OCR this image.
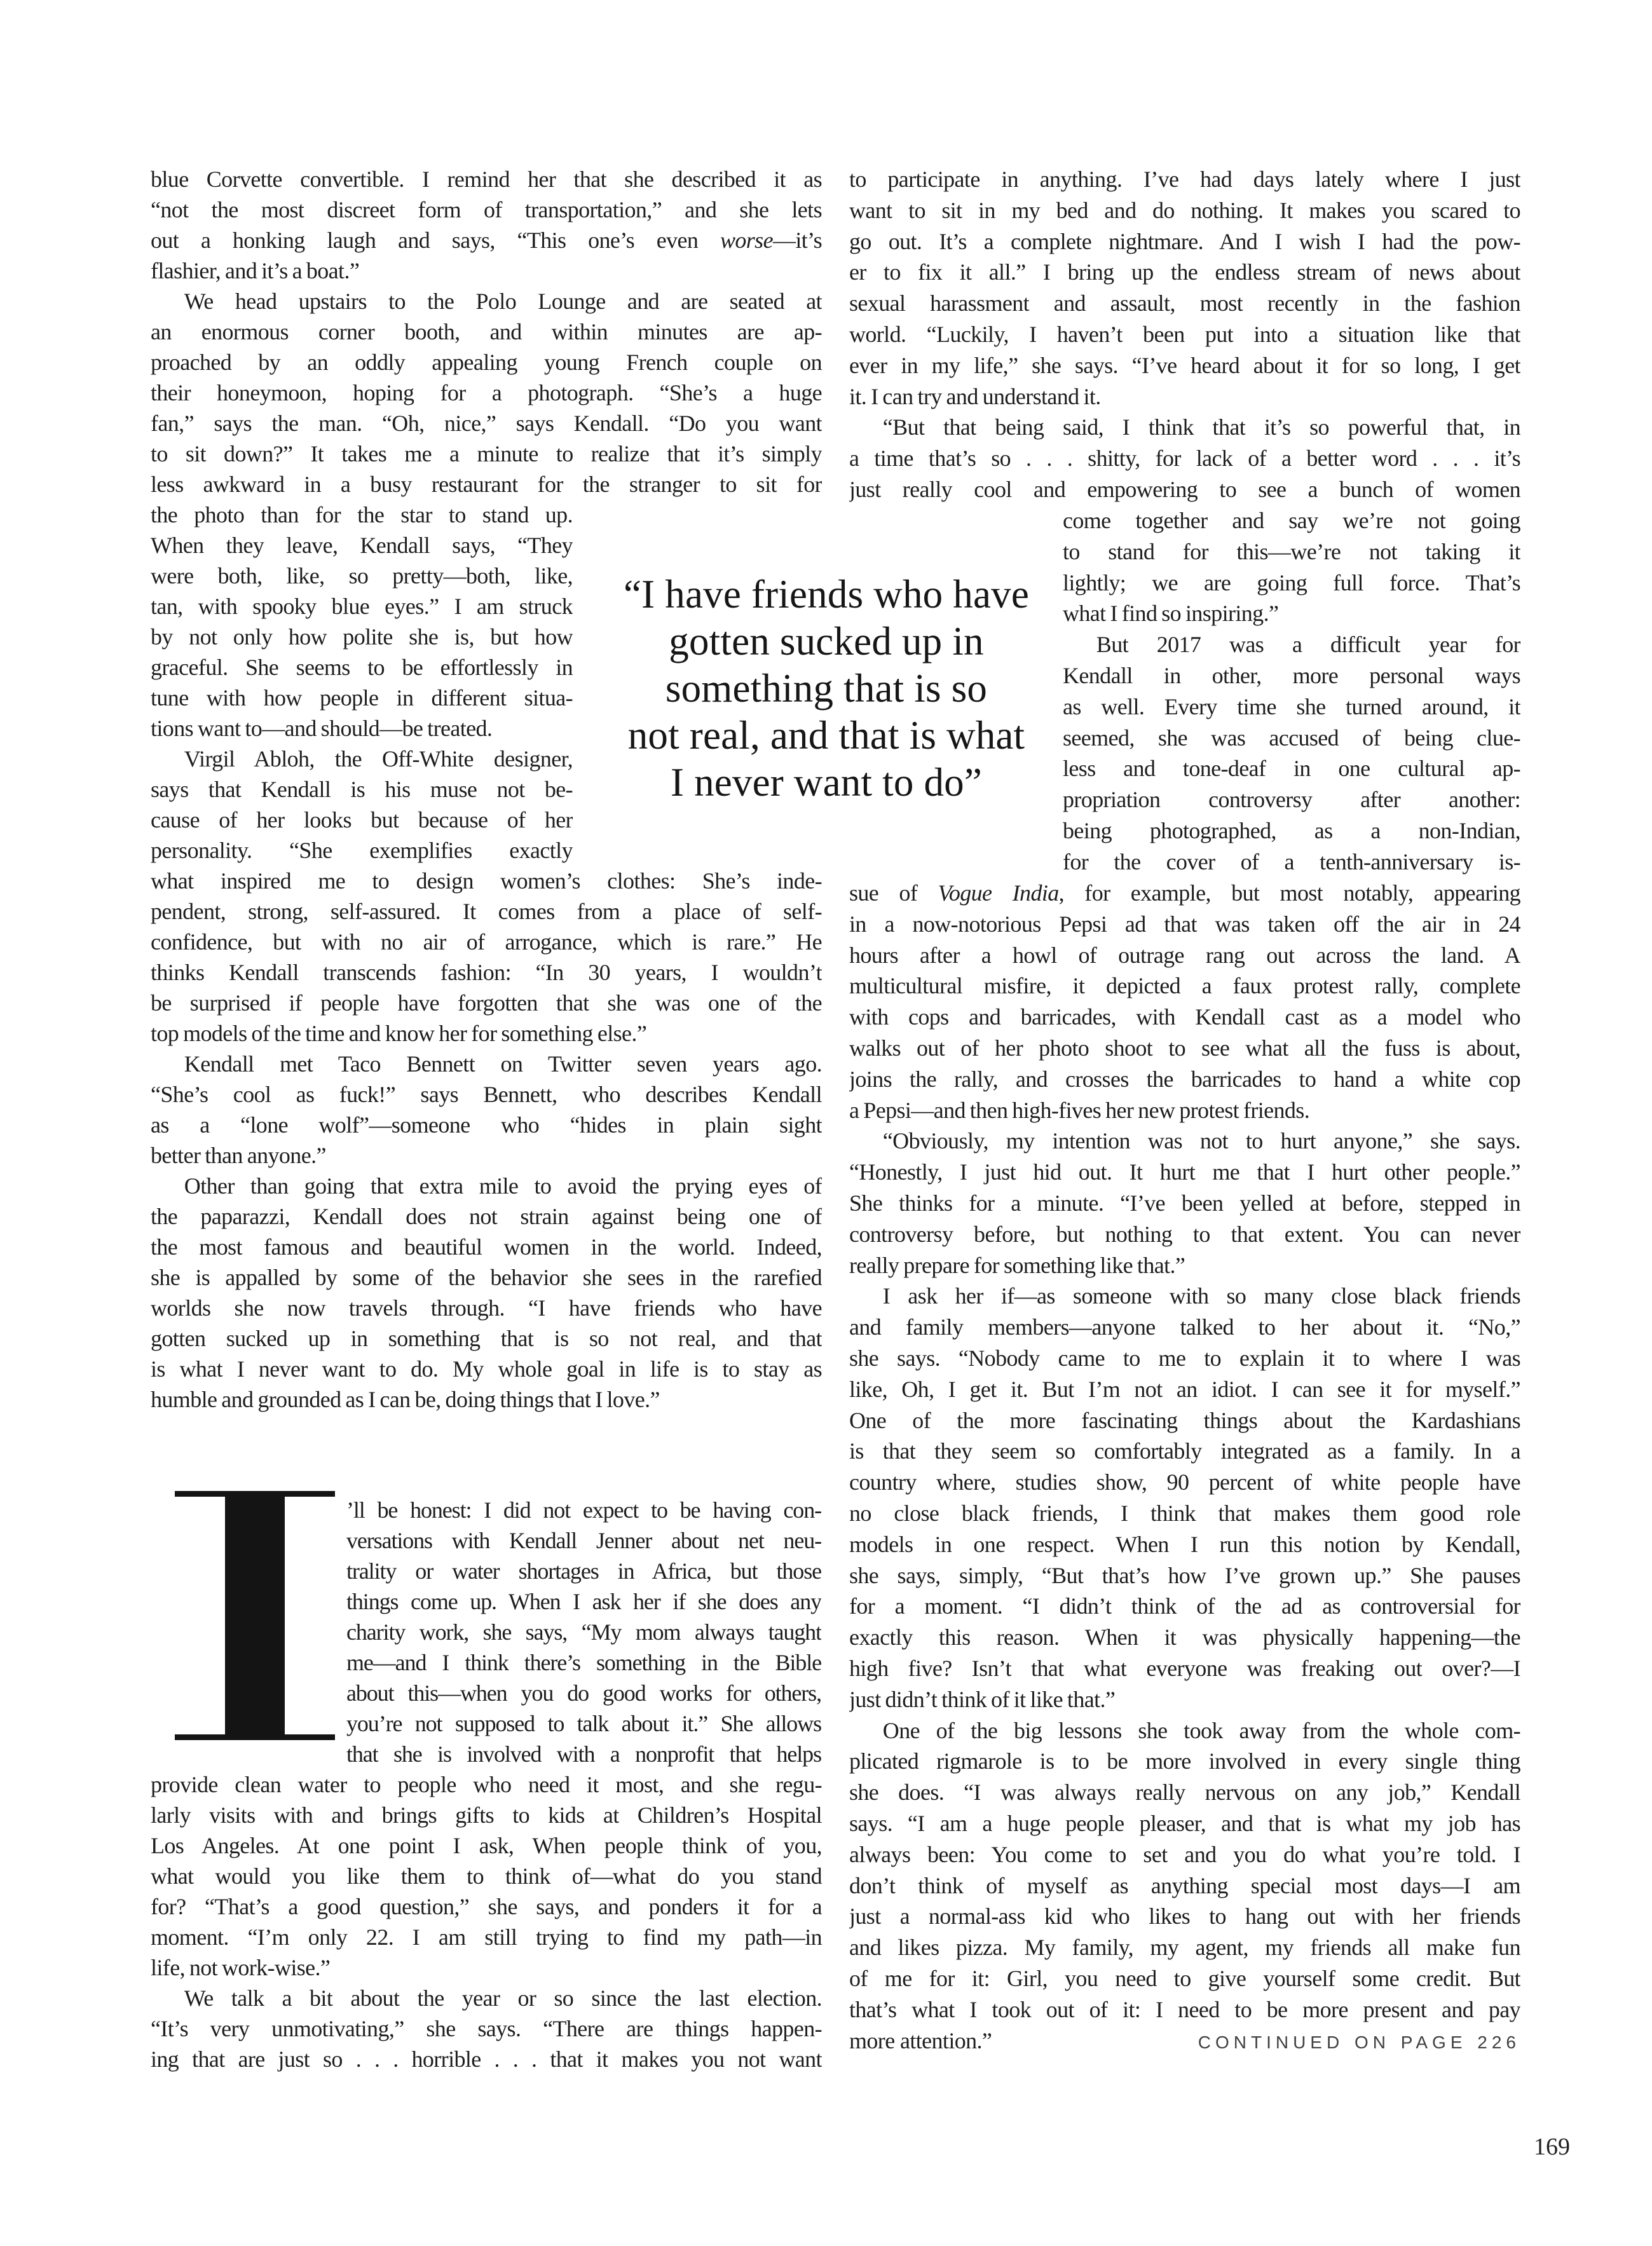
blue Corvette convertible. I remind her that she described it as
“not the most discreet form of transportation,” and she lets
out a honking laugh and says, “This one’s even worse—it’s
flashier, and it’s a boat.”
  We head upstairs to the Polo Lounge and are seated at
an enormous corner booth, and within minutes are ap-
proached by an oddly appealing young French couple on
their honeymoon, hoping for a photograph. “She’s a huge
fan,” says the man. “Oh, nice,” says Kendall. “Do you want
to sit down?” It takes me a minute to realize that it’s simply
less awkward in a busy restaurant for the stranger to sit for
the photo than for the star to stand up.
When they leave, Kendall says, “They
were both, like, so pretty—both, like,
tan, with spooky blue eyes.” I am struck
by not only how polite she is, but how
graceful. She seems to be effortlessly in
tune with how people in different situa-
tions want to—and should—be treated.
  Virgil Abloh, the Off-White designer,
says that Kendall is his muse not be-
cause of her looks but because of her
personality. “She exemplifies exactly
what inspired me to design women’s clothes: She’s inde-
pendent, strong, self-assured. It comes from a place of self-
confidence, but with no air of arrogance, which is rare.” He
thinks Kendall transcends fashion: “In 30 years, I wouldn’t
be surprised if people have forgotten that she was one of the
top models of the time and know her for something else.”
  Kendall met Taco Bennett on Twitter seven years ago.
“She’s cool as fuck!” says Bennett, who describes Kendall
as a “lone wolf”—someone who “hides in plain sight
better than anyone.”
  Other than going that extra mile to avoid the prying eyes of
the paparazzi, Kendall does not strain against being one of
the most famous and beautiful women in the world. Indeed,
she is appalled by some of the behavior she sees in the rarefied
worlds she now travels through. “I have friends who have
gotten sucked up in something that is so not real, and that
is what I never want to do. My whole goal in life is to stay as
humble and grounded as I can be, doing things that I love.”
’ll be honest: I did not expect to be having con-
versations with Kendall Jenner about net neu-
trality or water shortages in Africa, but those
things come up. When I ask her if she does any
charity work, she says, “My mom always taught
me—and I think there’s something in the Bible
about this—when you do good works for others,
you’re not supposed to talk about it.” She allows
that she is involved with a nonprofit that helps
provide clean water to people who need it most, and she regu-
larly visits with and brings gifts to kids at Children’s Hospital
Los Angeles. At one point I ask, When people think of you,
what would you like them to think of—what do you stand
for? “That’s a good question,” she says, and ponders it for a
moment. “I’m only 22. I am still trying to find my path—in
life, not work-wise.”
  We talk a bit about the year or so since the last election.
“It’s very unmotivating,” she says. “There are things happen-
ing that are just so . . . horrible . . . that it makes you not want
to participate in anything. I’ve had days lately where I just
want to sit in my bed and do nothing. It makes you scared to
go out. It’s a complete nightmare. And I wish I had the pow-
er to fix it all.” I bring up the endless stream of news about
sexual harassment and assault, most recently in the fashion
world. “Luckily, I haven’t been put into a situation like that
ever in my life,” she says. “I’ve heard about it for so long, I get
it. I can try and understand it.
  “But that being said, I think that it’s so powerful that, in
a time that’s so . . . shitty, for lack of a better word . . . it’s
just really cool and empowering to see a bunch of women
come together and say we’re not going
to stand for this—we’re not taking it
lightly; we are going full force. That’s
what I find so inspiring.”
  But 2017 was a difficult year for
Kendall in other, more personal ways
as well. Every time she turned around, it
seemed, she was accused of being clue-
less and tone-deaf in one cultural ap-
propriation controversy after another:
being photographed, as a non-Indian,
for the cover of a tenth-anniversary is-
sue of Vogue India, for example, but most notably, appearing
in a now-notorious Pepsi ad that was taken off the air in 24
hours after a howl of outrage rang out across the land. A
multicultural misfire, it depicted a faux protest rally, complete
with cops and barricades, with Kendall cast as a model who
walks out of her photo shoot to see what all the fuss is about,
joins the rally, and crosses the barricades to hand a white cop
a Pepsi—and then high-fives her new protest friends.
  “Obviously, my intention was not to hurt anyone,” she says.
“Honestly, I just hid out. It hurt me that I hurt other people.”
She thinks for a minute. “I’ve been yelled at before, stepped in
controversy before, but nothing to that extent. You can never
really prepare for something like that.”
  I ask her if—as someone with so many close black friends
and family members—anyone talked to her about it. “No,”
she says. “Nobody came to me to explain it to where I was
like, Oh, I get it. But I’m not an idiot. I can see it for myself.”
One of the more fascinating things about the Kardashians
is that they seem so comfortably integrated as a family. In a
country where, studies show, 90 percent of white people have
no close black friends, I think that makes them good role
models in one respect. When I run this notion by Kendall,
she says, simply, “But that’s how I’ve grown up.” She pauses
for a moment. “I didn’t think of the ad as controversial for
exactly this reason. When it was physically happening—the
high five? Isn’t that what everyone was freaking out over?—I
just didn’t think of it like that.”
  One of the big lessons she took away from the whole com-
plicated rigmarole is to be more involved in every single thing
she does. “I was always really nervous on any job,” Kendall
says. “I am a huge people pleaser, and that is what my job has
always been: You come to set and you do what you’re told. I
don’t think of myself as anything special most days—I am
just a normal-ass kid who likes to hang out with her friends
and likes pizza. My family, my agent, my friends all make fun
of me for it: Girl, you need to give yourself some credit. But
that’s what I took out of it: I need to be more present and pay
more attention.”	CONTINUED ON PAGE 226
“I have friends who have
gotten sucked up in
something that is so
not real, and that is what
I never want to do”
169
